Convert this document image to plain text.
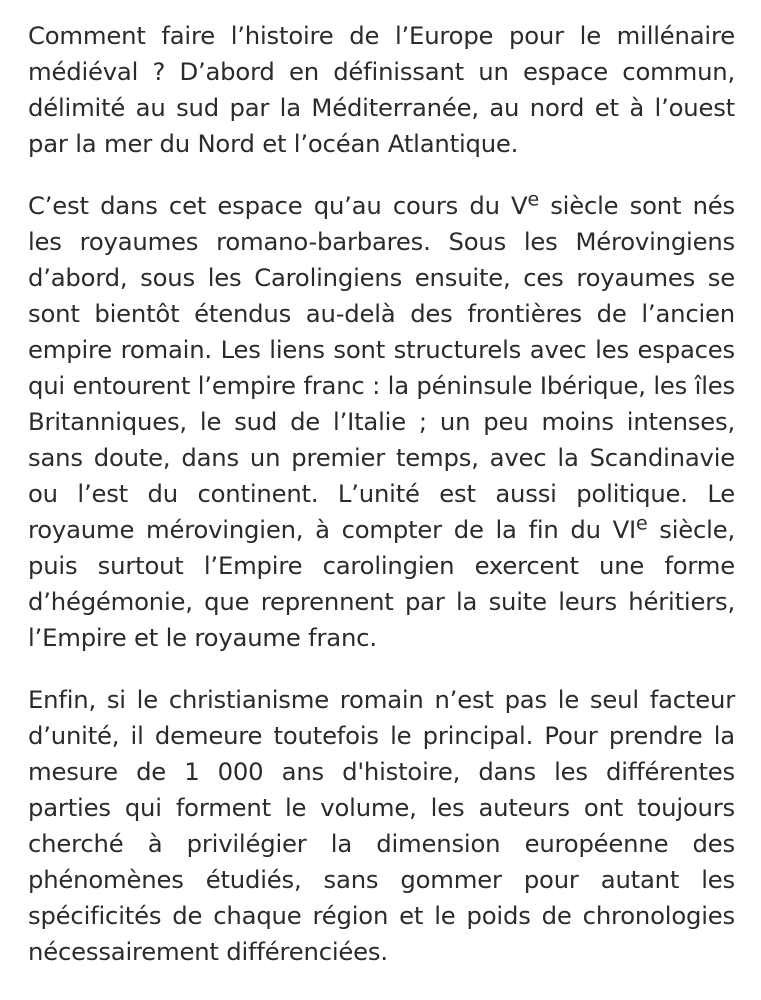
Comment faire l’histoire de l’Europe pour le millénaire médiéval ? D’abord en définissant un espace commun, délimité au sud par la Méditerranée, au nord et à l’ouest par la mer du Nord et l’océan Atlantique.

C’est dans cet espace qu’au cours du Ve siècle sont nés les royaumes romano-barbares. Sous les Mérovingiens d’abord, sous les Carolingiens ensuite, ces royaumes se sont bientôt étendus au-delà des frontières de l’ancien empire romain. Les liens sont structurels avec les espaces qui entourent l’empire franc : la péninsule Ibérique, les îles Britanniques, le sud de l’Italie ; un peu moins intenses, sans doute, dans un premier temps, avec la Scandinavie ou l’est du continent. L’unité est aussi politique. Le royaume mérovingien, à compter de la fin du VIe siècle, puis surtout l’Empire carolingien exercent une forme d’hégémonie, que reprennent par la suite leurs héritiers, l’Empire et le royaume franc.

Enfin, si le christianisme romain n’est pas le seul facteur d’unité, il demeure toutefois le principal. Pour prendre la mesure de 1 000 ans d'histoire, dans les différentes parties qui forment le volume, les auteurs ont toujours cherché à privilégier la dimension européenne des phénomènes étudiés, sans gommer pour autant les spécificités de chaque région et le poids de chronologies nécessairement différenciées.
